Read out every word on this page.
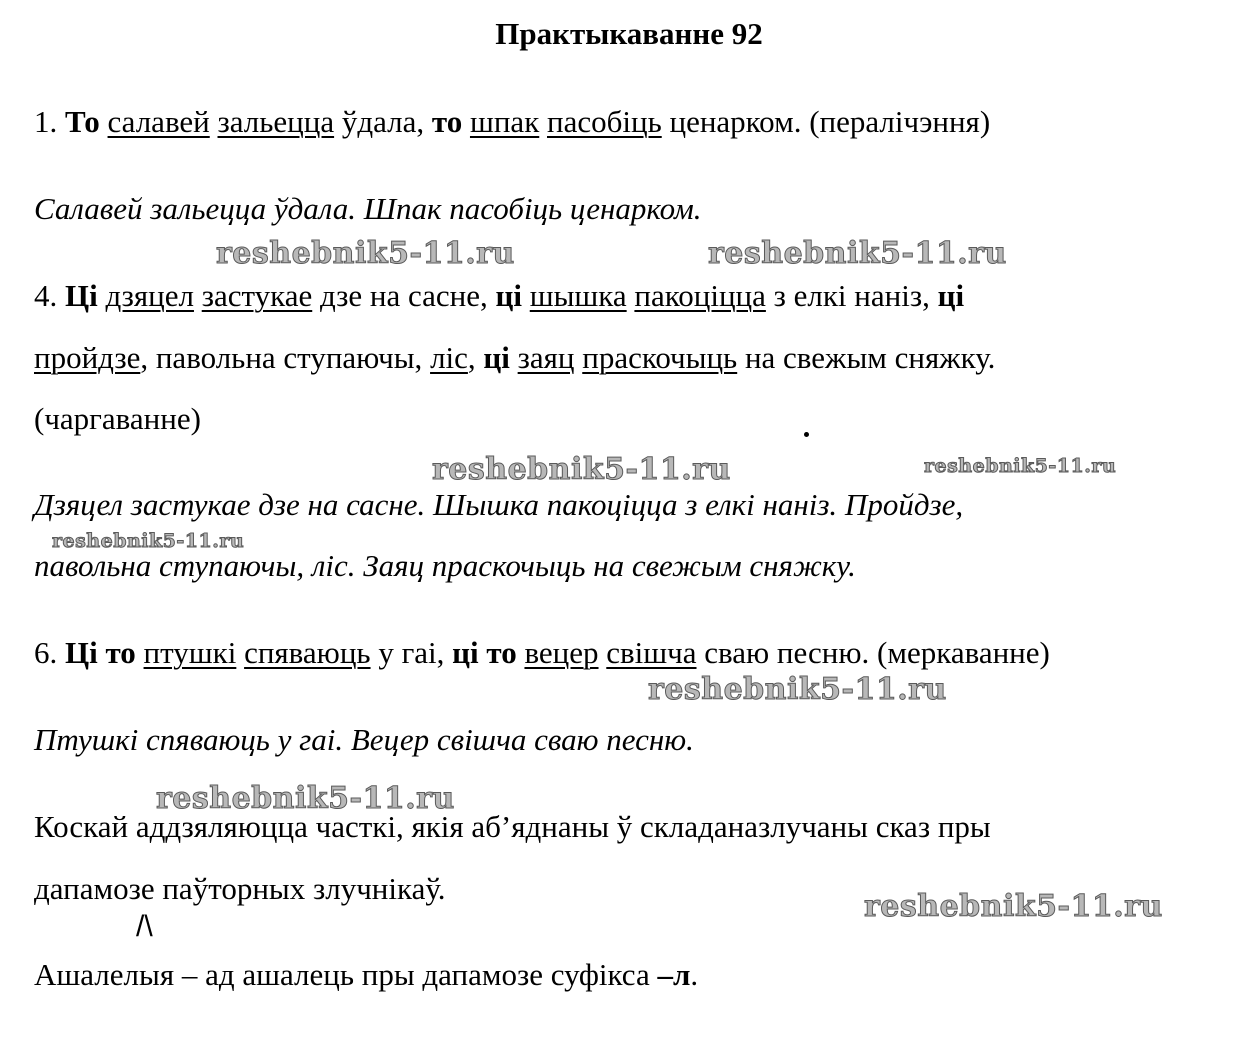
Практыкаванне 92
1. То салавей зальецца ўдала, то шпак пасобіць ценарком. (пералічэння)
Салавей зальецца ўдала. Шпак пасобіць ценарком.
4. Ці дзяцел застукае дзе на сасне, ці шышка пакоціцца з елкі наніз, ці
пройдзе, павольна ступаючы, ліс, ці заяц праскочыць на свежым сняжку.
(чаргаванне)
Дзяцел застукае дзе на сасне. Шышка пакоціцца з елкі наніз. Пройдзе,
павольна ступаючы, ліс. Заяц праскочыць на свежым сняжку.
6. Ці то птушкі спяваюць у гаі, ці то вецер свішча сваю песню. (меркаванне)
Птушкі спяваюць у гаі. Вецер свішча сваю песню.
Коскай аддзяляюцца часткі, якія аб’яднаны ў складаназлучаны сказ пры
дапамозе паўторных злучнікаў.
/\
Ашалелыя – ад ашалець пры дапамозе суфікса –л.
reshebnik5-11.ru	reshebnik5-11.ru
reshebnik5-11.ru	reshebnik5-11.ru
reshebnik5-11.ru
reshebnik5-11.ru
reshebnik5-11.ru
reshebnik5-11.ru
